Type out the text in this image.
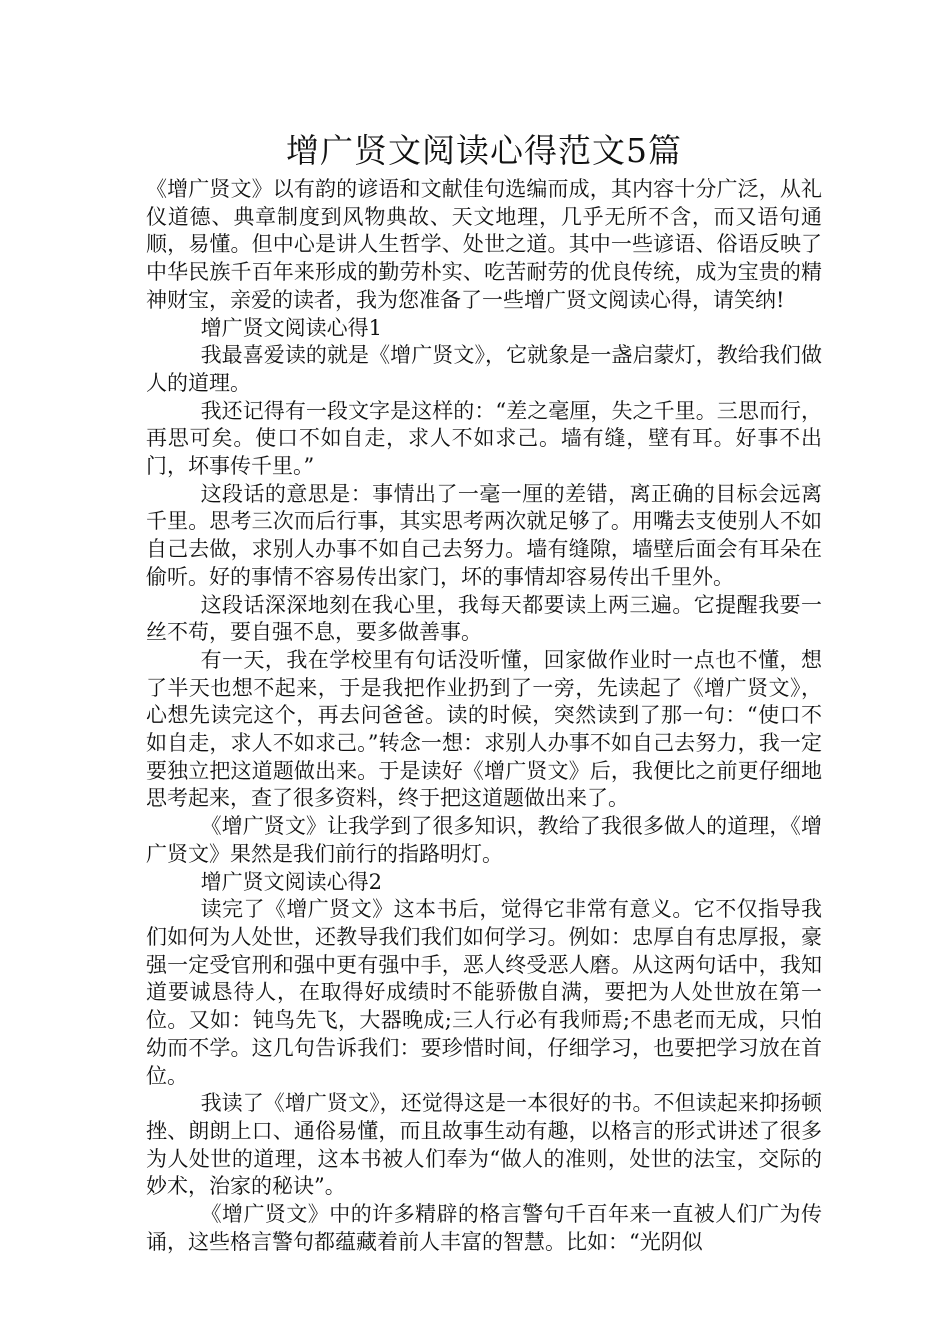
增广贤文阅读心得范文5篇

《增广贤文》以有韵的谚语和文献佳句选编而成，其内容十分广泛，从礼仪道德、典章制度到风物典故、天文地理，几乎无所不含，而又语句通顺，易懂。但中心是讲人生哲学、处世之道。其中一些谚语、俗语反映了中华民族千百年来形成的勤劳朴实、吃苦耐劳的优良传统，成为宝贵的精神财宝，亲爱的读者，我为您准备了一些增广贤文阅读心得，请笑纳!

增广贤文阅读心得1

我最喜爱读的就是《增广贤文》，它就象是一盏启蒙灯，教给我们做人的道理。

我还记得有一段文字是这样的：“差之毫厘，失之千里。三思而行，再思可矣。使口不如自走，求人不如求己。墙有缝，壁有耳。好事不出门，坏事传千里。”

这段话的意思是：事情出了一毫一厘的差错，离正确的目标会远离千里。思考三次而后行事，其实思考两次就足够了。用嘴去支使别人不如自己去做，求别人办事不如自己去努力。墙有缝隙，墙壁后面会有耳朵在偷听。好的事情不容易传出家门，坏的事情却容易传出千里外。

这段话深深地刻在我心里，我每天都要读上两三遍。它提醒我要一丝不苟，要自强不息，要多做善事。

有一天，我在学校里有句话没听懂，回家做作业时一点也不懂，想了半天也想不起来，于是我把作业扔到了一旁，先读起了《增广贤文》，心想先读完这个，再去问爸爸。读的时候，突然读到了那一句：“使口不如自走，求人不如求己。”转念一想：求别人办事不如自己去努力，我一定要独立把这道题做出来。于是读好《增广贤文》后，我便比之前更仔细地思考起来，查了很多资料，终于把这道题做出来了。

《增广贤文》让我学到了很多知识，教给了我很多做人的道理，《增广贤文》果然是我们前行的指路明灯。

增广贤文阅读心得2

读完了《增广贤文》这本书后，觉得它非常有意义。它不仅指导我们如何为人处世，还教导我们我们如何学习。例如：忠厚自有忠厚报，豪强一定受官刑和强中更有强中手，恶人终受恶人磨。从这两句话中，我知道要诚恳待人，在取得好成绩时不能骄傲自满，要把为人处世放在第一位。又如：钝鸟先飞，大器晚成;三人行必有我师焉;不患老而无成，只怕幼而不学。这几句告诉我们：要珍惜时间，仔细学习，也要把学习放在首位。

我读了《增广贤文》，还觉得这是一本很好的书。不但读起来抑扬顿挫、朗朗上口、通俗易懂，而且故事生动有趣，以格言的形式讲述了很多为人处世的道理，这本书被人们奉为“做人的准则，处世的法宝，交际的妙术，治家的秘诀”。

《增广贤文》中的许多精辟的格言警句千百年来一直被人们广为传诵，这些格言警句都蕴藏着前人丰富的智慧。比如：“光阴似
